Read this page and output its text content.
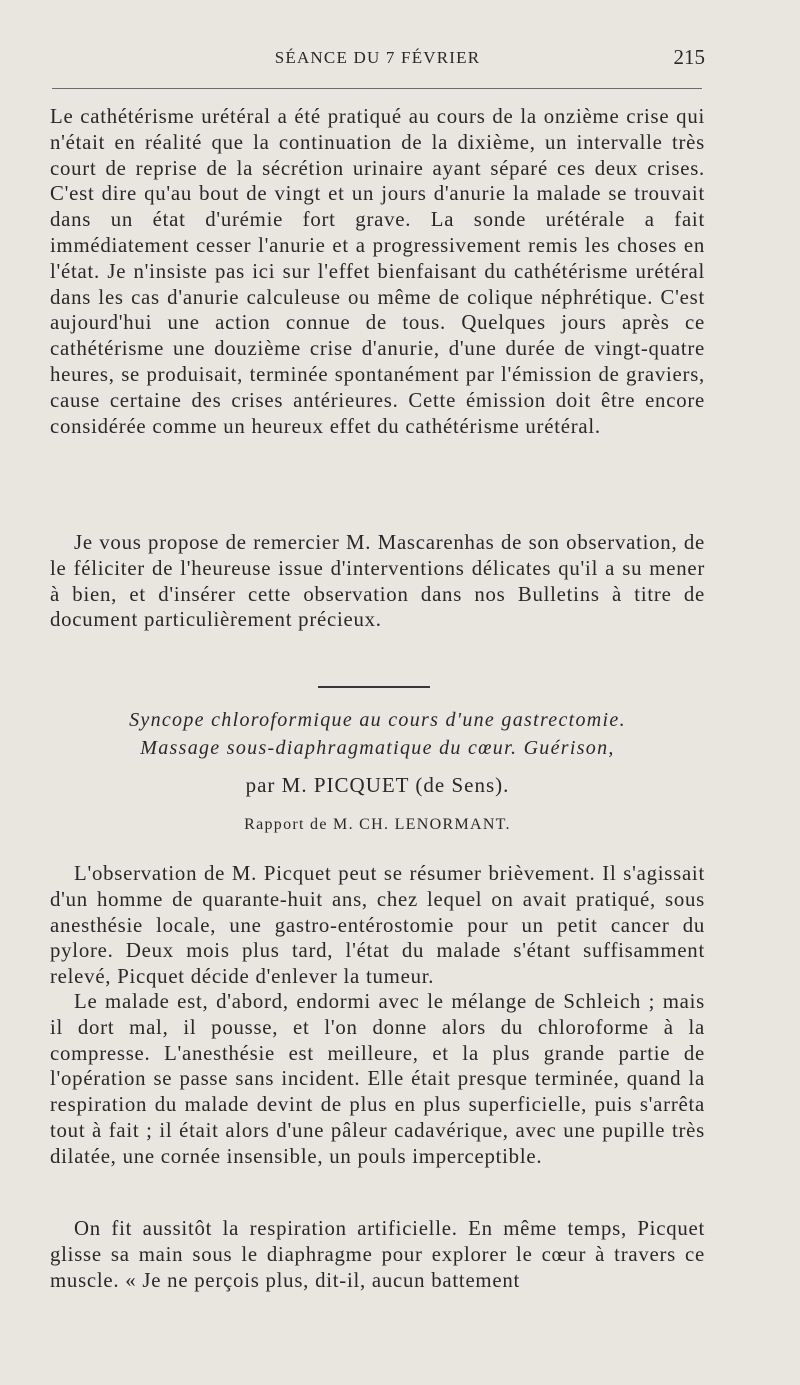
SÉANCE DU 7 FÉVRIER	215

Le cathétérisme urétéral a été pratiqué au cours de la onzième crise qui n'était en réalité que la continuation de la dixième, un intervalle très court de reprise de la sécrétion urinaire ayant séparé ces deux crises. C'est dire qu'au bout de vingt et un jours d'anurie la malade se trouvait dans un état d'urémie fort grave. La sonde urétérale a fait immédiatement cesser l'anurie et a progressivement remis les choses en l'état. Je n'insiste pas ici sur l'effet bienfaisant du cathétérisme urétéral dans les cas d'anurie calculeuse ou même de colique néphrétique. C'est aujourd'hui une action connue de tous. Quelques jours après ce cathétérisme une douzième crise d'anurie, d'une durée de vingt-quatre heures, se produisait, terminée spontanément par l'émission de graviers, cause certaine des crises antérieures. Cette émission doit être encore considérée comme un heureux effet du cathétérisme urétéral.

Je vous propose de remercier M. Mascarenhas de son observation, de le féliciter de l'heureuse issue d'interventions délicates qu'il a su mener à bien, et d'insérer cette observation dans nos Bulletins à titre de document particulièrement précieux.

Syncope chloroformique au cours d'une gastrectomie.

Massage sous-diaphragmatique du cœur. Guérison,

par M. PICQUET (de Sens).

Rapport de M. CH. LENORMANT.

L'observation de M. Picquet peut se résumer brièvement. Il s'agissait d'un homme de quarante-huit ans, chez lequel on avait pratiqué, sous anesthésie locale, une gastro-entérostomie pour un petit cancer du pylore. Deux mois plus tard, l'état du malade s'étant suffisamment relevé, Picquet décide d'enlever la tumeur.

Le malade est, d'abord, endormi avec le mélange de Schleich ; mais il dort mal, il pousse, et l'on donne alors du chloroforme à la compresse. L'anesthésie est meilleure, et la plus grande partie de l'opération se passe sans incident. Elle était presque terminée, quand la respiration du malade devint de plus en plus superficielle, puis s'arrêta tout à fait ; il était alors d'une pâleur cadavérique, avec une pupille très dilatée, une cornée insensible, un pouls imperceptible.

On fit aussitôt la respiration artificielle. En même temps, Picquet glisse sa main sous le diaphragme pour explorer le cœur à travers ce muscle. « Je ne perçois plus, dit-il, aucun battement
